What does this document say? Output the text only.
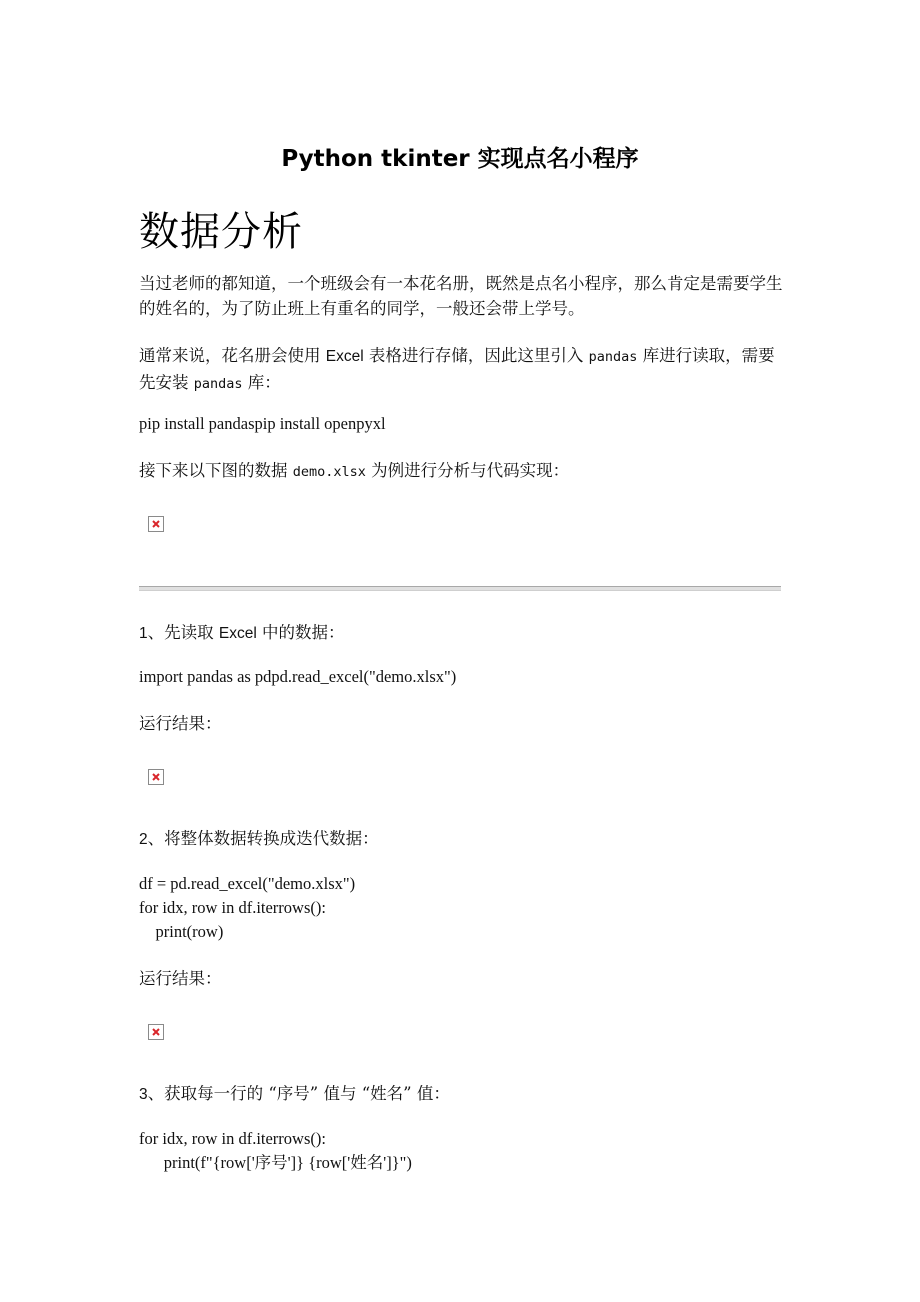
Python tkinter 实现点名小程序
数据分析
当过老师的都知道，一个班级会有一本花名册，既然是点名小程序，那么肯定是需要学生的姓名的，为了防止班上有重名的同学，一般还会带上学号。
通常来说，花名册会使用 Excel 表格进行存储，因此这里引入 pandas 库进行读取，需要先安装 pandas 库：
pip install pandaspip install openpyxl
接下来以下图的数据 demo.xlsx 为例进行分析与代码实现：
1、先读取 Excel 中的数据：
import pandas as pdpd.read_excel("demo.xlsx")
运行结果：
2、将整体数据转换成迭代数据：
df = pd.read_excel("demo.xlsx")
for idx, row in df.iterrows():
print(row)
运行结果：
3、获取每一行的 “序号” 值与 “姓名” 值：
for idx, row in df.iterrows():
print(f"{row['序号']} {row['姓名']}")
